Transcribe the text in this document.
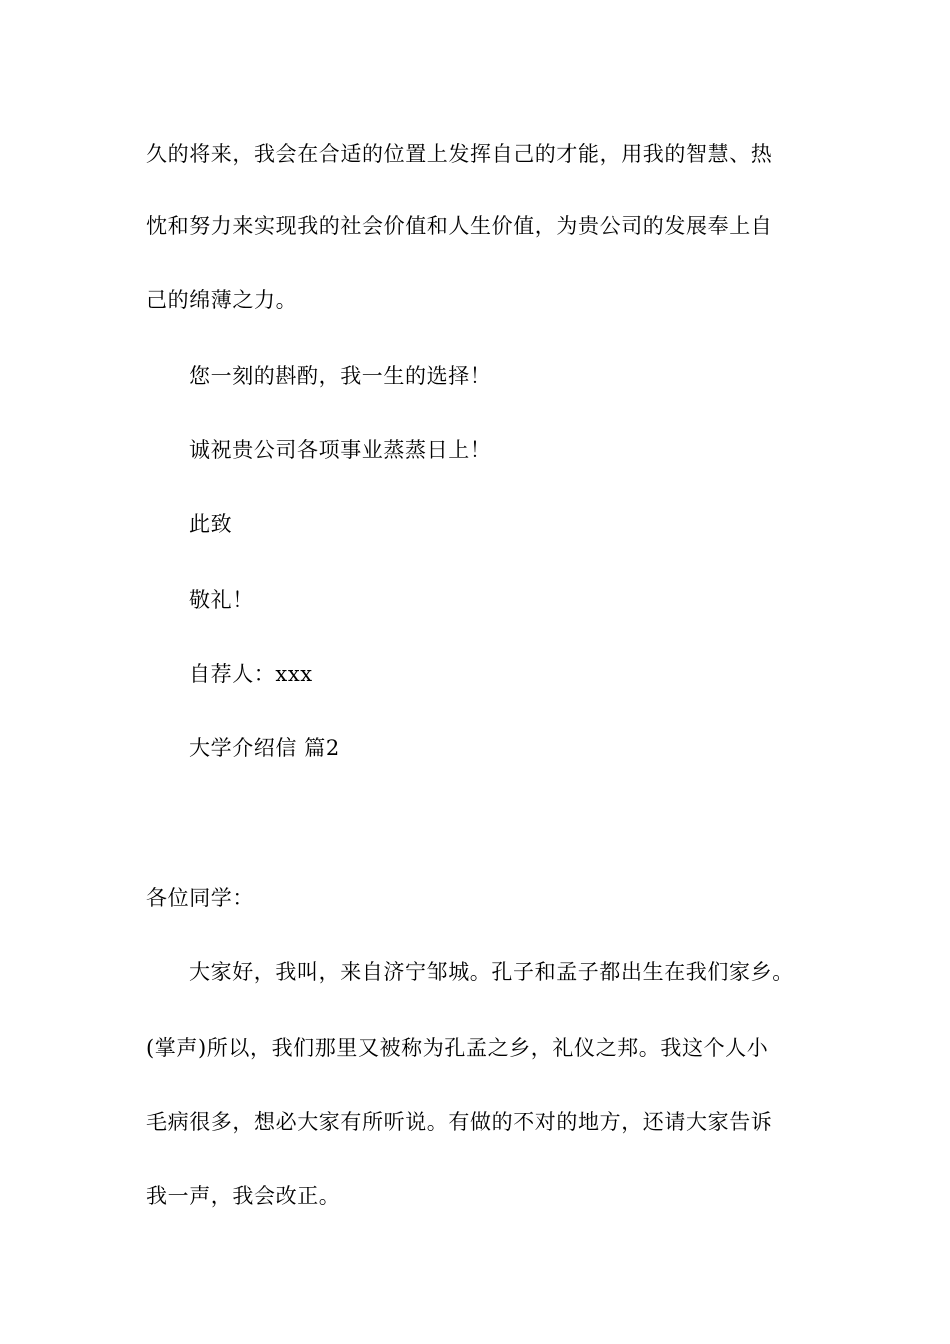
久的将来，我会在合适的位置上发挥自己的才能，用我的智慧、热
忱和努力来实现我的社会价值和人生价值，为贵公司的发展奉上自
己的绵薄之力。
您一刻的斟酌，我一生的选择！
诚祝贵公司各项事业蒸蒸日上！
此致
敬礼！
自荐人：xxx
大学介绍信 篇2
各位同学：
大家好，我叫，来自济宁邹城。孔子和孟子都出生在我们家乡。
(掌声)所以，我们那里又被称为孔孟之乡，礼仪之邦。我这个人小
毛病很多，想必大家有所听说。有做的不对的地方，还请大家告诉
我一声，我会改正。
